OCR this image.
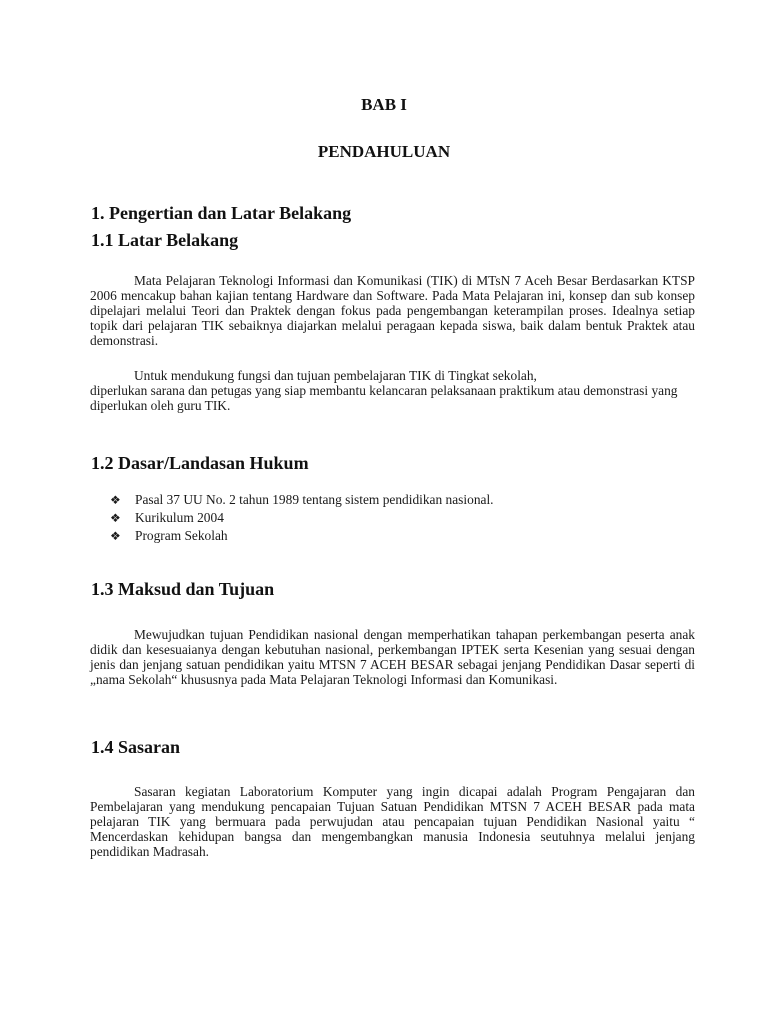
BAB I
PENDAHULUAN
1. Pengertian dan Latar Belakang
1.1 Latar Belakang

Mata Pelajaran Teknologi Informasi dan Komunikasi (TIK) di MTsN 7 Aceh Besar Berdasarkan KTSP 2006 mencakup bahan kajian tentang Hardware dan Software. Pada Mata Pelajaran ini, konsep dan sub konsep dipelajari melalui Teori dan Praktek dengan fokus pada pengembangan keterampilan proses. Idealnya setiap topik dari pelajaran TIK sebaiknya diajarkan melalui peragaan kepada siswa, baik dalam bentuk Praktek atau demonstrasi.

Untuk mendukung fungsi dan tujuan pembelajaran TIK di Tingkat sekolah,
diperlukan sarana dan petugas yang siap membantu kelancaran pelaksanaan praktikum atau demonstrasi yang diperlukan oleh guru TIK.

1.2 Dasar/Landasan Hukum
❖	Pasal 37 UU No. 2 tahun 1989 tentang sistem pendidikan nasional.
❖	Kurikulum 2004
❖	Program Sekolah
1.3 Maksud dan Tujuan

Mewujudkan tujuan Pendidikan nasional dengan memperhatikan tahapan perkembangan peserta anak didik dan kesesuaianya dengan kebutuhan nasional, perkembangan IPTEK serta Kesenian yang sesuai dengan jenis dan jenjang satuan pendidikan yaitu MTSN 7 ACEH BESAR sebagai jenjang Pendidikan Dasar seperti di „nama Sekolah“ khususnya pada Mata Pelajaran Teknologi Informasi dan Komunikasi.

1.4 Sasaran

Sasaran kegiatan Laboratorium Komputer yang ingin dicapai adalah Program Pengajaran dan Pembelajaran yang mendukung pencapaian Tujuan Satuan Pendidikan MTSN 7 ACEH BESAR pada mata pelajaran TIK yang bermuara pada perwujudan atau pencapaian tujuan Pendidikan Nasional yaitu “ Mencerdaskan kehidupan bangsa dan mengembangkan manusia Indonesia seutuhnya melalui jenjang pendidikan Madrasah.
